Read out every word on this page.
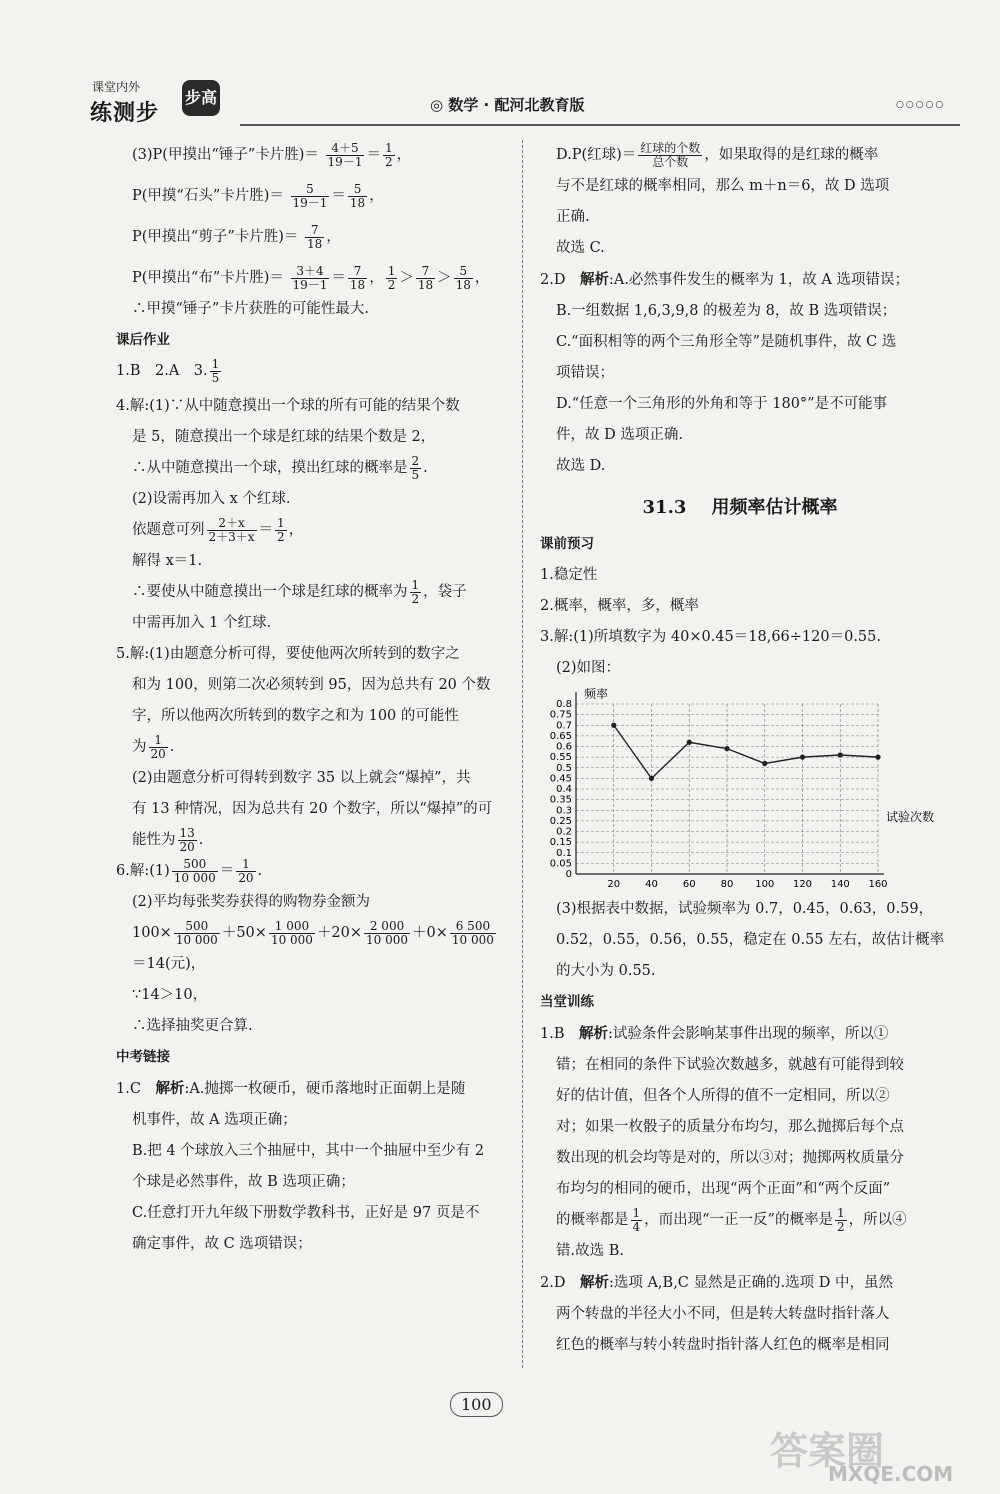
课堂内外
练测步
步高	◎ 数学 · 配河北教育版	○○○○○
(3)P(甲摸出“锤子”卡片胜)＝ $\frac{4+5}{19-1} = \frac{1}{2}$ ，
P(甲摸“石头”卡片胜)＝ $\frac{5}{19-1} = \frac{5}{18}$ ，
P(甲摸出“剪子”卡片胜)＝ $\frac{7}{18}$ ，
P(甲摸出“布”卡片胜)＝ $\frac{3+4}{19-1} = \frac{7}{18}$ ， $\frac{1}{2} > \frac{7}{18} > \frac{5}{18}$ ，
∴甲摸“锤子”卡片获胜的可能性最大.
课后作业
1.B　2.A　3. $\frac{1}{5}$
4.解:(1)∵从中随意摸出一个球的所有可能的结果个数
是 5，随意摸出一个球是红球的结果个数是 2，
∴从中随意摸出一个球，摸出红球的概率是 $\frac{2}{5}$ .
(2)设需再加入 x 个红球.
依题意可列 $\frac{2+x}{2+3+x} = \frac{1}{2}$ ，
解得 x＝1.
∴要使从中随意摸出一个球是红球的概率为 $\frac{1}{2}$ ，袋子
中需再加入 1 个红球.
5.解:(1)由题意分析可得，要使他两次所转到的数字之
和为 100，则第二次必须转到 95，因为总共有 20 个数
字，所以他两次所转到的数字之和为 100 的可能性
为 $\frac{1}{20}$ .
(2)由题意分析可得转到数字 35 以上就会“爆掉”，共
有 13 种情况，因为总共有 20 个数字，所以“爆掉”的可
能性为 $\frac{13}{20}$ .
6.解:(1) $\frac{500}{10 000} = \frac{1}{20}$ .
(2)平均每张奖券获得的购物券金额为
$100\times \frac{500}{10 000} +50\times \frac{1 000}{10 000} +20\times \frac{2 000}{10 000} +0\times \frac{6 500}{10 000}$
＝14(元)，
∵14＞10，
∴选择抽奖更合算.
中考链接
1.C　解析:A.抛掷一枚硬币，硬币落地时正面朝上是随
机事件，故 A 选项正确；
B.把 4 个球放入三个抽屉中，其中一个抽屉中至少有 2
个球是必然事件，故 B 选项正确；
C.任意打开九年级下册数学教科书，正好是 97 页是不
确定事件，故 C 选项错误；
D.P(红球)＝ $\frac{\text{红球的个数}}{\text{总个数}}$ ，如果取得的是红球的概率
与不是红球的概率相同，那么 m＋n＝6，故 D 选项
正确.
故选 C.
2.D　解析:A.必然事件发生的概率为 1，故 A 选项错误；
B.一组数据 1,6,3,9,8 的极差为 8，故 B 选项错误；
C.“面积相等的两个三角形全等”是随机事件，故 C 选
项错误；
D.“任意一个三角形的外角和等于 180°”是不可能事
件，故 D 选项正确.
故选 D.
31.3 用频率估计概率
课前预习
1.稳定性
2.概率，概率，多，概率
3.解:(1)所填数字为 40×0.45＝18,66÷120＝0.55.
(2)如图：
0
0.05
0.1
0.15
0.2
0.25
0.3
0.35
0.4
0.45
0.5
0.55
0.6
0.65
0.7
0.75
0.8
20	40	60	80 100 120 140 160
频率
试验次数
(3)根据表中数据，试验频率为 0.7，0.45，0.63，0.59，
0.52，0.55，0.56，0.55，稳定在 0.55 左右，故估计概率
的大小为 0.55.
当堂训练
1.B　解析:试验条件会影响某事件出现的频率，所以①
错；在相同的条件下试验次数越多，就越有可能得到较
好的估计值，但各个人所得的值不一定相同，所以②
对；如果一枚骰子的质量分布均匀，那么抛掷后每个点
数出现的机会均等是对的，所以③对；抛掷两枚质量分
布均匀的相同的硬币，出现“两个正面”和“两个反面”
的概率都是 $\frac{1}{4}$ ，而出现“一正一反”的概率是 $\frac{1}{2}$ ，所以④
错.故选 B.
2.D　解析:选项 A,B,C 显然是正确的.选项 D 中，虽然
两个转盘的半径大小不同，但是转大转盘时指针落人
红色的概率与转小转盘时指针落人红色的概率是相同
100
答案圈
MXQE.COM
